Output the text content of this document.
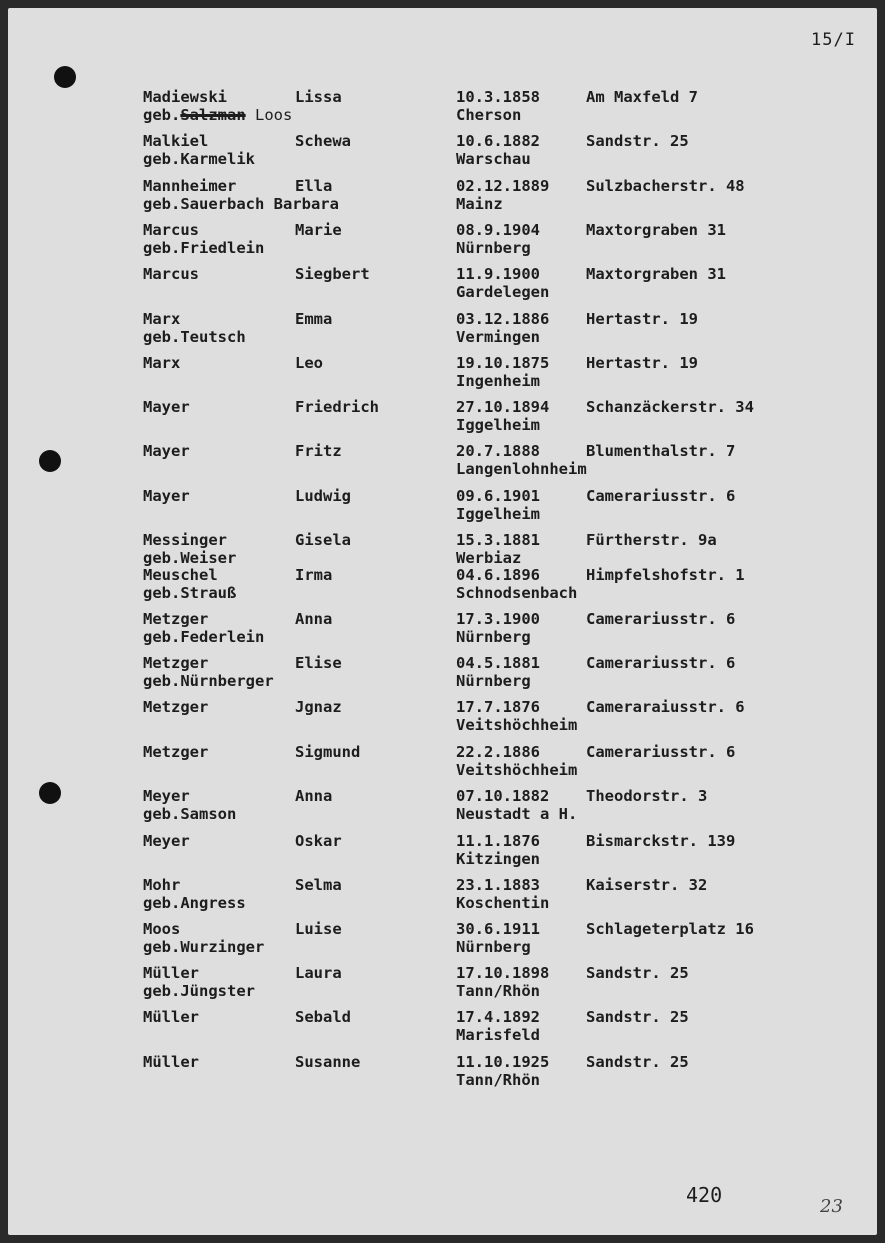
15/I
Madiewski	Lissa	10.3.1858	Am Maxfeld 7
Cherson
geb.Salzman Loos
Malkiel	Schewa	10.6.1882	Sandstr. 25
Warschau
geb.Karmelik
Mannheimer	Ella	02.12.1889 Sulzbacherstr. 48
Mainz
geb.Sauerbach Barbara
Marcus	Marie	08.9.1904	Maxtorgraben 31
Nürnberg
geb.Friedlein
Marcus	Siegbert	11.9.1900	Maxtorgraben 31
Gardelegen
Marx	Emma	03.12.1886 Hertastr. 19
Vermingen
geb.Teutsch
Marx	Leo	19.10.1875 Hertastr. 19
Ingenheim
Mayer	Friedrich	27.10.1894 Schanzäckerstr. 34
Iggelheim
Mayer	Fritz	20.7.1888	Blumenthalstr. 7
Langenlohnheim
Mayer	Ludwig	09.6.1901	Camerariusstr. 6
Iggelheim
Messinger	Gisela	15.3.1881	Fürtherstr. 9a
Werbiaz
geb.Weiser
Meuschel	Irma	04.6.1896	Himpfelshofstr. 1
Schnodsenbach
geb.Strauß
Metzger	Anna	17.3.1900	Camerariusstr. 6
Nürnberg
geb.Federlein
Metzger	Elise	04.5.1881	Camerariusstr. 6
Nürnberg
geb.Nürnberger
Metzger	Jgnaz	17.7.1876	Cameraraiusstr. 6
Veitshöchheim
Metzger	Sigmund	22.2.1886	Camerariusstr. 6
Veitshöchheim
Meyer	Anna	07.10.1882 Theodorstr. 3
Neustadt a H.
geb.Samson
Meyer	Oskar	11.1.1876	Bismarckstr. 139
Kitzingen
Mohr	Selma	23.1.1883	Kaiserstr. 32
Koschentin
geb.Angress
Moos	Luise	30.6.1911	Schlageterplatz 16
Nürnberg
geb.Wurzinger
Müller	Laura	17.10.1898 Sandstr. 25
Tann/Rhön
geb.Jüngster
Müller	Sebald	17.4.1892	Sandstr. 25
Marisfeld
Müller	Susanne	11.10.1925 Sandstr. 25
Tann/Rhön
420	23
